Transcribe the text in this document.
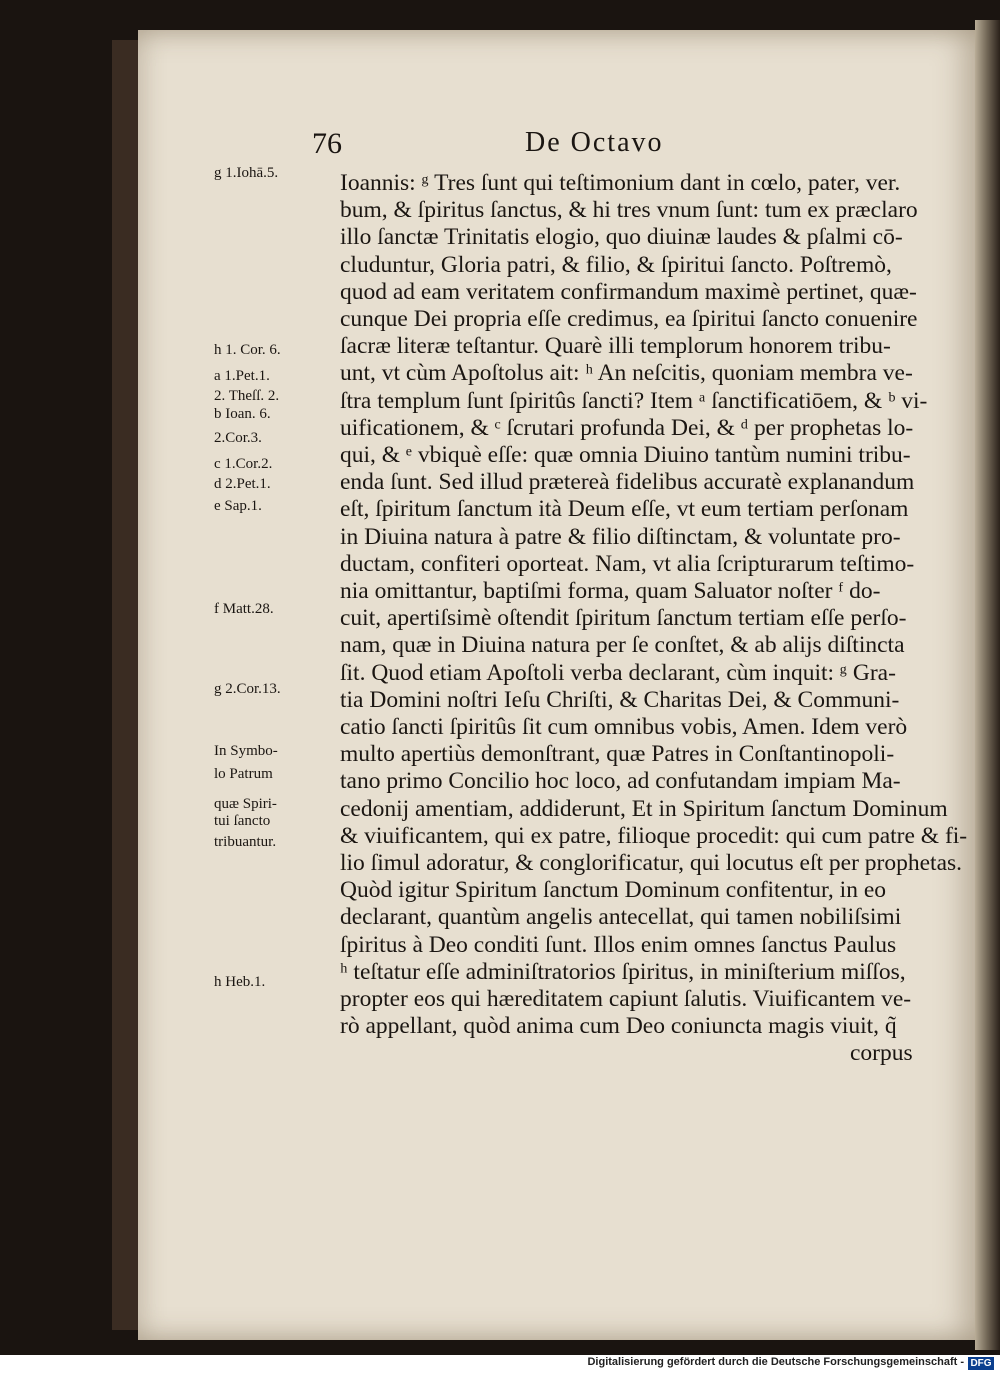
76	De Octavo
g 1.Iohā.5.
h 1. Cor. 6.
a 1.Pet.1.
2. Theſſ. 2.
b Ioan. 6.
2.Cor.3.
c 1.Cor.2.
d 2.Pet.1.
e Sap.1.
f Matt.28.
g 2.Cor.13.
In Symbo-
lo Patrum
quæ Spiri-
tui ſancto
tribuantur.
h Heb.1.
Ioannis: ᵍ Tres ſunt qui teſtimonium dant in cœlo, pater, ver.
bum, & ſpiritus ſanctus, & hi tres vnum ſunt: tum ex præclaro
illo ſanctæ Trinitatis elogio, quo diuinæ laudes & pſalmi cō-
cluduntur, Gloria patri, & filio, & ſpiritui ſancto. Poſtremò,
quod ad eam veritatem confirmandum maximè pertinet, quæ-
cunque Dei propria eſſe credimus, ea ſpiritui ſancto conuenire
ſacræ literæ teſtantur. Quarè illi templorum honorem tribu-
unt, vt cùm Apoſtolus ait: ʰ An neſcitis, quoniam membra ve-
ſtra templum ſunt ſpiritûs ſancti? Item ᵃ ſanctificatiōem, & ᵇ vi-
uificationem, & ᶜ ſcrutari profunda Dei, & ᵈ per prophetas lo-
qui, & ᵉ vbiquè eſſe: quæ omnia Diuino tantùm numini tribu-
enda ſunt. Sed illud prætereà fidelibus accuratè explanandum
eſt, ſpiritum ſanctum ità Deum eſſe, vt eum tertiam perſonam
in Diuina natura à patre & filio diſtinctam, & voluntate pro-
ductam, confiteri oporteat. Nam, vt alia ſcripturarum teſtimo-
nia omittantur, baptiſmi forma, quam Saluator noſter ᶠ do-
cuit, apertiſsimè oſtendit ſpiritum ſanctum tertiam eſſe perſo-
nam, quæ in Diuina natura per ſe conſtet, & ab alijs diſtincta
ſit. Quod etiam Apoſtoli verba declarant, cùm inquit: ᵍ Gra-
tia Domini noſtri Ieſu Chriſti, & Charitas Dei, & Communi-
catio ſancti ſpiritûs ſit cum omnibus vobis, Amen. Idem verò
multo apertiùs demonſtrant, quæ Patres in Conſtantinopoli-
tano primo Concilio hoc loco, ad confutandam impiam Ma-
cedonij amentiam, addiderunt, Et in Spiritum ſanctum Dominum
& viuificantem, qui ex patre, filioque procedit: qui cum patre & fi-
lio ſimul adoratur, & conglorificatur, qui locutus eſt per prophetas.
Quòd igitur Spiritum ſanctum Dominum confitentur, in eo
declarant, quantùm angelis antecellat, qui tamen nobiliſsimi
ſpiritus à Deo conditi ſunt. Illos enim omnes ſanctus Paulus
ʰ teſtatur eſſe adminiſtratorios ſpiritus, in miniſterium miſſos,
propter eos qui hæreditatem capiunt ſalutis. Viuificantem ve-
rò appellant, quòd anima cum Deo coniuncta magis viuit, q̃
corpus
Digitalisierung gefördert durch die Deutsche Forschungsgemeinschaft - DFG
